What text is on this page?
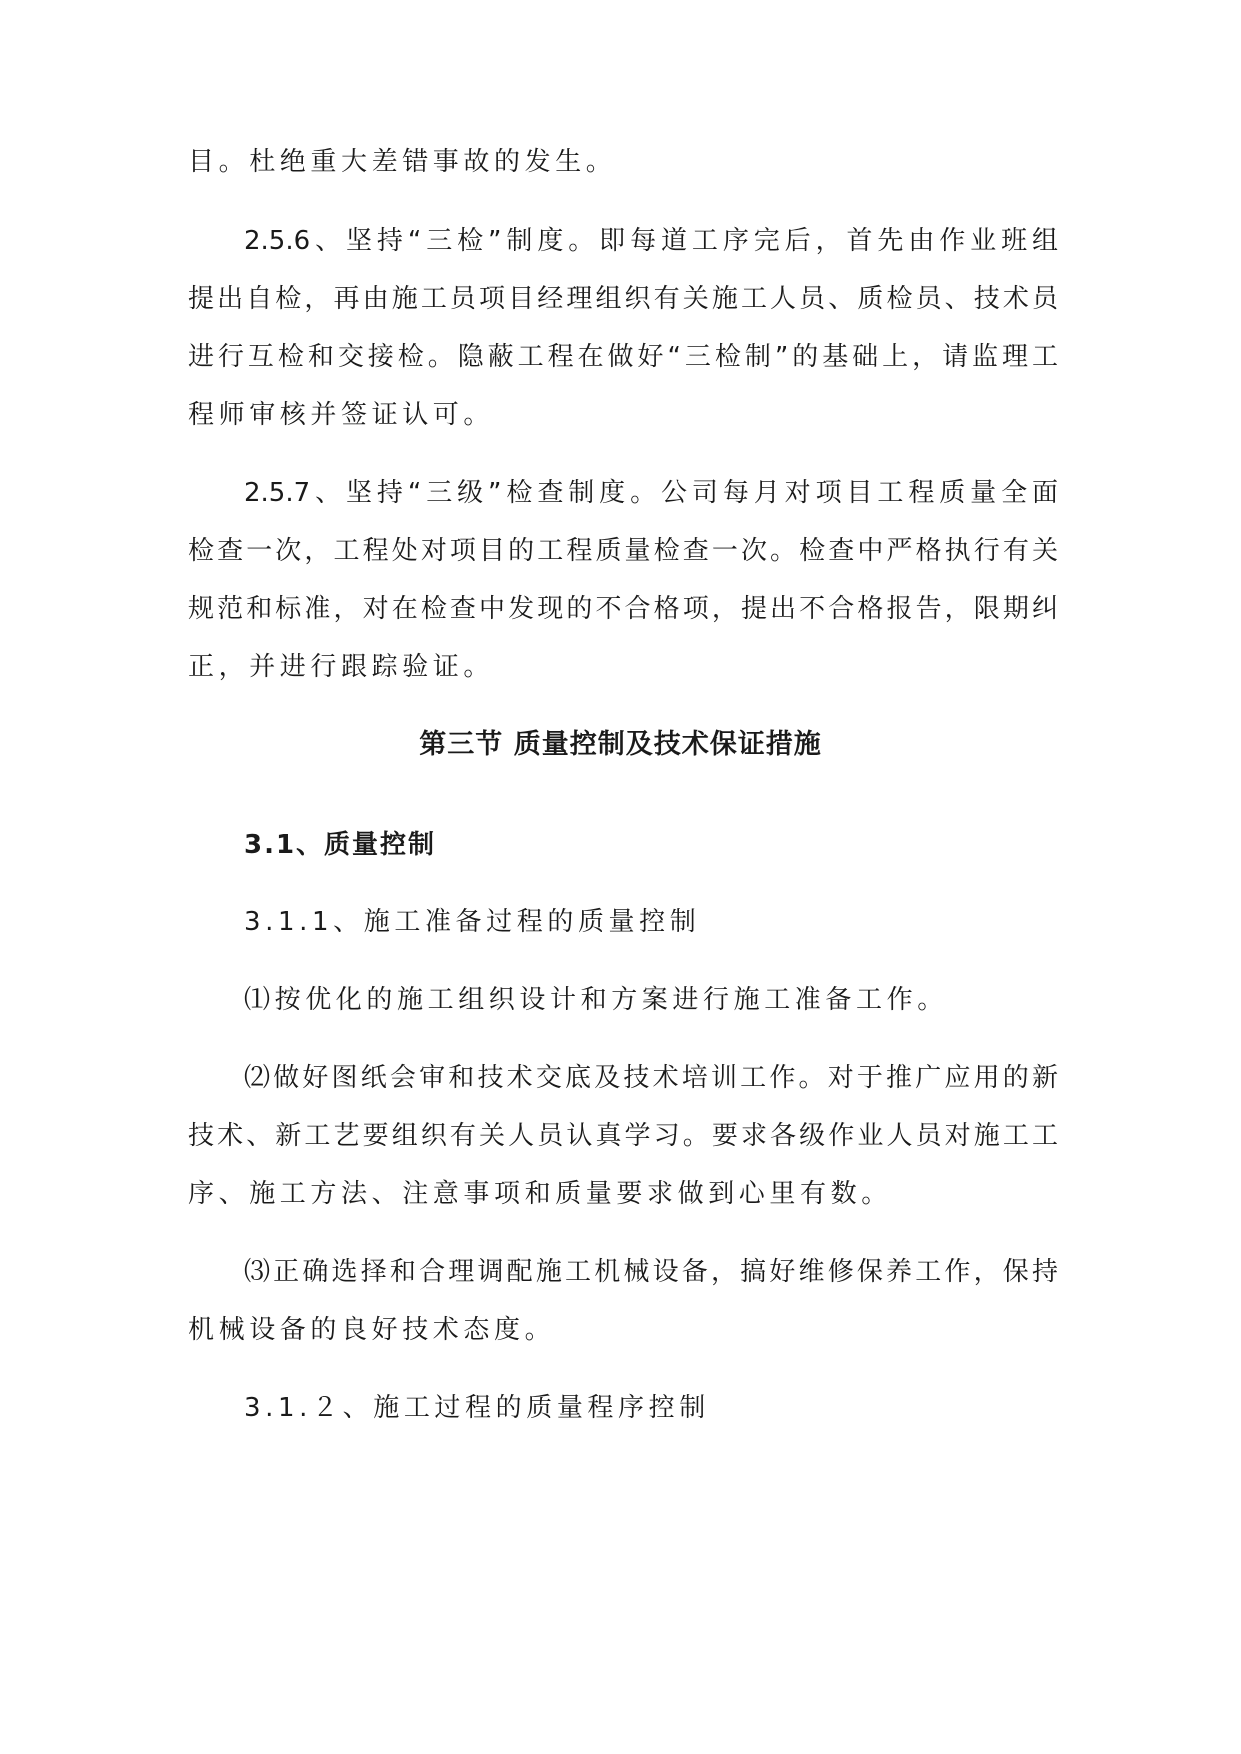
目。杜绝重大差错事故的发生。

2.5.6、坚持“三检”制度。即每道工序完后，首先由作业班组

提出自检，再由施工员项目经理组织有关施工人员、质检员、技术员

进行互检和交接检。隐蔽工程在做好“三检制”的基础上，请监理工

程师审核并签证认可。

2.5.7、坚持“三级”检查制度。公司每月对项目工程质量全面

检查一次，工程处对项目的工程质量检查一次。检查中严格执行有关

规范和标准，对在检查中发现的不合格项，提出不合格报告，限期纠

正，并进行跟踪验证。

第三节 质量控制及技术保证措施
3.1、质量控制

3.1.1、施工准备过程的质量控制

⑴按优化的施工组织设计和方案进行施工准备工作。

⑵做好图纸会审和技术交底及技术培训工作。对于推广应用的新

技术、新工艺要组织有关人员认真学习。要求各级作业人员对施工工

序、施工方法、注意事项和质量要求做到心里有数。

⑶正确选择和合理调配施工机械设备，搞好维修保养工作，保持

机械设备的良好技术态度。

3.1.２、施工过程的质量程序控制
